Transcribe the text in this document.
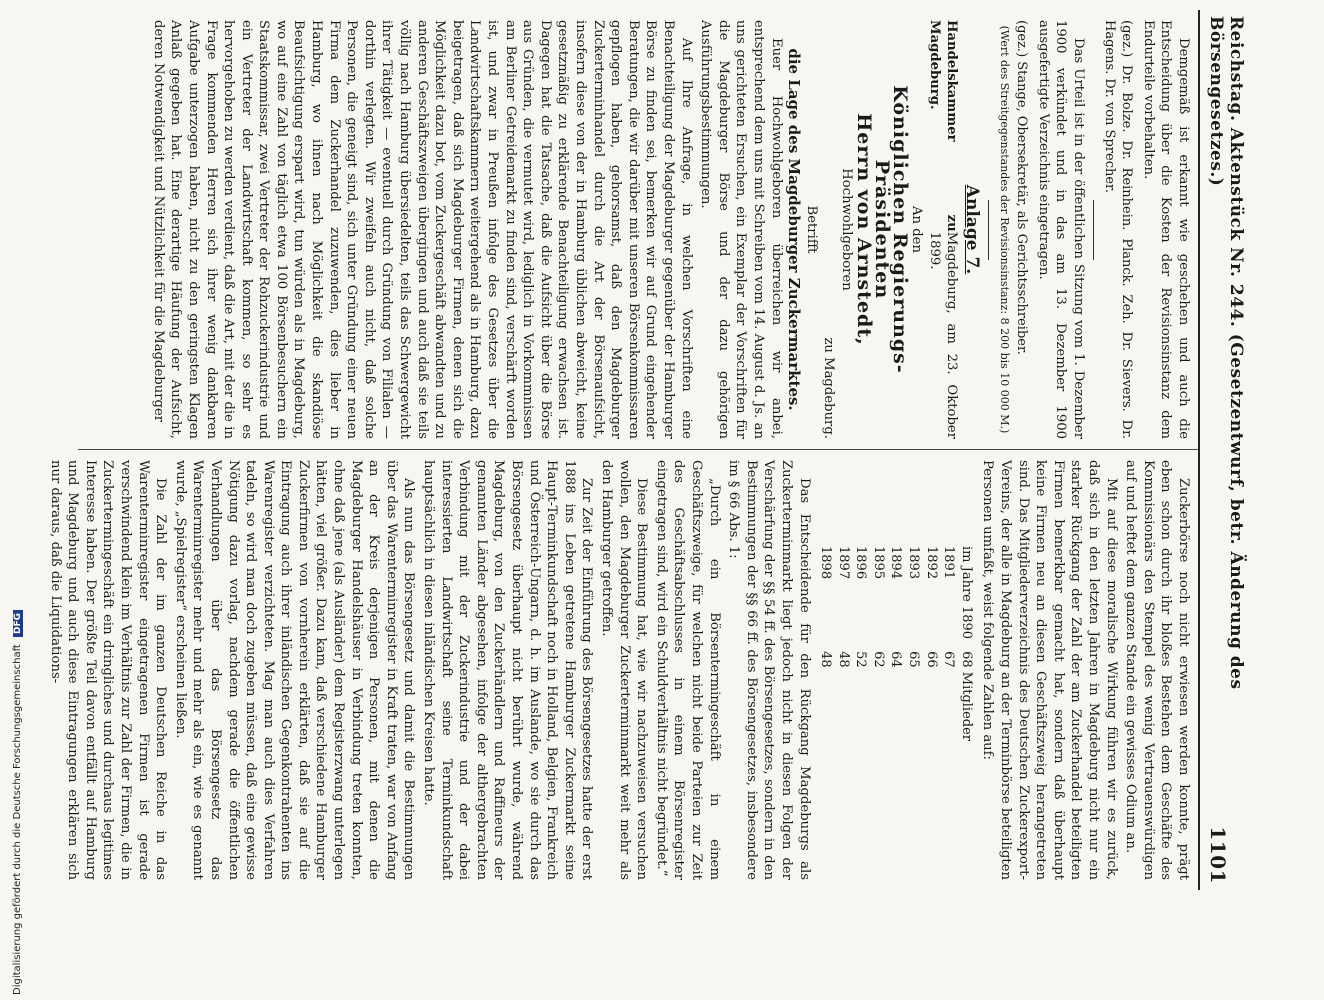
Reichstag. Aktenstück Nr. 244. (Gesetzentwurf, betr. Änderung des Börsengesetzes.)
1101

Demgemäß ist erkannt wie geschehen und auch die Entscheidung über die Kosten der Revisionsinstanz dem Endurteile vorbehalten.

(gez.) Dr. Bolze. Dr. Reinhein. Planck. Zeh. Dr. Sievers. Dr. Hagens. Dr. von Sprecher.

Das Urteil ist in der öffentlichen Sitzung vom 1. Dezember 1900 verkündet und in das am 13. Dezember 1900 ausgefertigte Verzeichnis eingetragen.

(gez.) Stange, Obersekretär, als Gerichtsschreiber.
(Wert des Streitgegenstandes der Revisionsinstanz: 8 200 bis 10 000 M.)
Anlage 7.
Handelskammer zu Magdeburg.
Magdeburg, am 23. Oktober 1899.
An den
Königlichen Regierungs-Präsidenten
Herrn von Arnstedt,
Hochwohlgeboren
zu Magdeburg.
Betrifft
die Lage des Magdeburger Zuckermarktes.

Euer Hochwohlgeboren überreichen wir anbei, entsprechend dem uns mit Schreiben vom 14. August d. Js. an uns gerichteten Ersuchen, ein Exemplar der Vorschriften für die Magdeburger Börse und der dazu gehörigen Ausführungsbestimmungen.

Auf Ihre Anfrage, in welchen Vorschriften eine Benachteiligung der Magdeburger gegenüber der Hamburger Börse zu finden sei, bemerken wir auf Grund eingehender Beratungen, die wir darüber mit unseren Börsenkommissaren gepflogen haben, gehorsamst, daß den Magdeburger Zuckerterminhandel durch die Art der Börsenaufsicht, insofern diese von der in Hamburg üblichen abweicht, keine gesetzmäßig zu erklärende Benachteiligung erwachsen ist. Dagegen hat die Tatsache, daß die Aufsicht über die Börse aus Gründen, die vermutet wird, lediglich in Vorkommnissen am Berliner Getreidemarkt zu finden sind, verschärft worden ist, und zwar in Preußen infolge des Gesetzes über die Landwirtschaftskammern weitergehend als in Hamburg, dazu beigetragen, daß sich Magdeburger Firmen, denen sich die Möglichkeit dazu bot, vom Zuckergeschäft abwandten und zu anderen Geschäftszweigen übergingen und auch daß sie teils völlig nach Hamburg übersiedelten, teils das Schwergewicht ihrer Tätigkeit — eventuell durch Gründung von Filialen — dorthin verlegten. Wir zweifeln auch nicht, daß solche Personen, die geneigt sind, sich unter Gründung einer neuen Firma dem Zuckerhandel zuzuwenden, dies lieber in Hamburg, wo ihnen nach Möglichkeit die skandiöse Beaufsichtigung erspart wird, tun würden als in Magdeburg, wo auf eine Zahl von täglich etwa 100 Börsenbesuchern ein Staatskommissar, zwei Vertreter der Rohzuckerindustrie und ein Vertreter der Landwirtschaft kommen, so sehr es hervorgehoben zu werden verdient, daß die Art, mit der die in Frage kommenden Herren sich ihrer wenig dankbaren Aufgabe unterzogen haben, nicht zu den geringsten Klagen Anlaß gegeben hat. Eine derartige Häufung der Aufsicht, deren Notwendigkeit und Nützlichkeit für die Magdeburger

Zuckerbörse noch nicht erwiesen werden konnte, prägt eben schon durch ihr bloßes Bestehen dem Geschäfte des Kommissionärs den Stempel des wenig Vertrauenswürdigen auf und heftet dem ganzen Stande ein gewisses Odium an.

Mit auf diese moralische Wirkung führen wir es zurück, daß sich in den letzten Jahren in Magdeburg nicht nur ein starker Rückgang der Zahl der am Zuckerhandel beteiligten Firmen bemerkbar gemacht hat, sondern daß überhaupt keine Firmen neu an diesen Geschäftszweig herangetreten sind. Das Mitgliederverzeichnis des Deutschen Zuckerexport-Vereins, der alle in Magdeburg an der Terminbörse beteiligten Personen umfaßt, weist folgende Zahlen auf:

im Jahre 1890	68 Mitglieder
1891	67
1892	66
1893	65
1894	64
1895	62
1896	52
1897	48
1898	48

Das Entscheidende für den Rückgang Magdeburgs als Zuckerterminmarkt liegt jedoch nicht in diesen Folgen der Verschärfung der §§ 54 ff. des Börsengesetzes, sondern in den Bestimmungen der §§ 66 ff. des Börsengesetzes, insbesondere im § 66 Abs. 1:

„Durch ein Börsentermingeschäft in einem Geschäftszweige, für welchen nicht beide Parteien zur Zeit des Geschäftsabschlusses in einem Börsenregister eingetragen sind, wird ein Schuldverhältnis nicht begründet.“

Diese Bestimmung hat, wie wir nachzuweisen versuchen wollen, den Magdeburger Zuckerterminmarkt weit mehr als den Hamburger getroffen.

Zur Zeit der Einführung des Börsengesetzes hatte der erst 1888 ins Leben getretene Hamburger Zuckermarkt seine Haupt-Terminkundschaft noch in Holland, Belgien, Frankreich und Österreich-Ungarn, d. h. im Auslande, wo sie durch das Börsengesetz überhaupt nicht berührt wurde, während Magdeburg, von den Zuckerhändlern und Raffineurs der genannten Länder abgesehen, infolge der althergebrachten Verbindung mit der Zuckerindustrie und der dabei interessierten Landwirtschaft seine Terminkundschaft hauptsächlich in diesen inländischen Kreisen hatte.

Als nun das Börsengesetz und damit die Bestimmungen über das Warenterminregister in Kraft traten, war von Anfang an der Kreis derjenigen Personen, mit denen die Magdeburger Handelshäuser in Verbindung treten konnten, ohne daß jene (als Ausländer) dem Registerzwang unterlegen hätten, viel größer. Dazu kam, daß verschiedene Hamburger Zuckerfirmen von vornherein erklärten, daß sie auf die Eintragung auch ihrer inländischen Gegenkontrahenten ins Warenregister verzichteten. Mag man auch dies Verfahren tadeln, so wird man doch zugeben müssen, daß eine gewisse Nötigung dazu vorlag, nachdem gerade die öffentlichen Verhandlungen über das Börsengesetz das Warenterminregister mehr und mehr als ein, wie es genannt wurde, „Spielregister“ erscheinen ließen.

Die Zahl der im ganzen Deutschen Reiche in das Warenterminregister eingetragenen Firmen ist gerade verschwindend klein im Verhältnis zur Zahl der Firmen, die in Zuckertermingeschäft ein dringliches und durchaus legitimes Interesse haben. Der größte Teil davon entfällt auf Hamburg und Magdeburg und auch diese Eintragungen erklären sich nur daraus, daß die Liquidations-

Digitalisierung gefördert durch die Deutsche Forschungsgemeinschaft DFG
